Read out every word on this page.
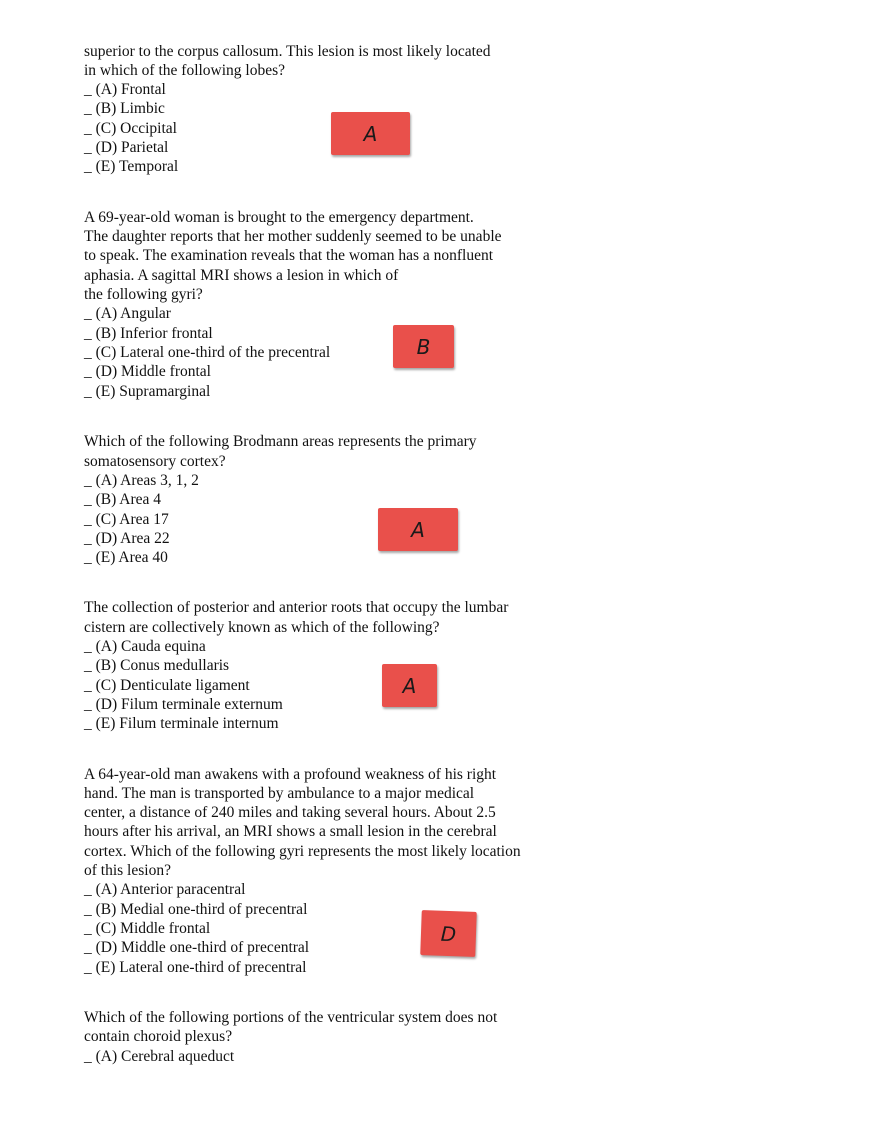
superior to the corpus callosum. This lesion is most likely located
in which of the following lobes?
_ (A) Frontal
_ (B) Limbic
_ (C) Occipital
_ (D) Parietal
_ (E) Temporal
A
A 69-year-old woman is brought to the emergency department.
The daughter reports that her mother suddenly seemed to be unable
to speak. The examination reveals that the woman has a nonfluent
aphasia. A sagittal MRI shows a lesion in which of
the following gyri?
_ (A) Angular
_ (B) Inferior frontal
_ (C) Lateral one-third of the precentral
_ (D) Middle frontal
_ (E) Supramarginal
B
Which of the following Brodmann areas represents the primary
somatosensory cortex?
_ (A) Areas 3, 1, 2
_ (B) Area 4
_ (C) Area 17
_ (D) Area 22
_ (E) Area 40
A
The collection of posterior and anterior roots that occupy the lumbar
cistern are collectively known as which of the following?
_ (A) Cauda equina
_ (B) Conus medullaris
_ (C) Denticulate ligament
_ (D) Filum terminale externum
_ (E) Filum terminale internum
A
A 64-year-old man awakens with a profound weakness of his right
hand. The man is transported by ambulance to a major medical
center, a distance of 240 miles and taking several hours. About 2.5
hours after his arrival, an MRI shows a small lesion in the cerebral
cortex. Which of the following gyri represents the most likely location
of this lesion?
_ (A) Anterior paracentral
_ (B) Medial one-third of precentral
_ (C) Middle frontal
_ (D) Middle one-third of precentral
_ (E) Lateral one-third of precentral
D
Which of the following portions of the ventricular system does not
contain choroid plexus?
_ (A) Cerebral aqueduct
